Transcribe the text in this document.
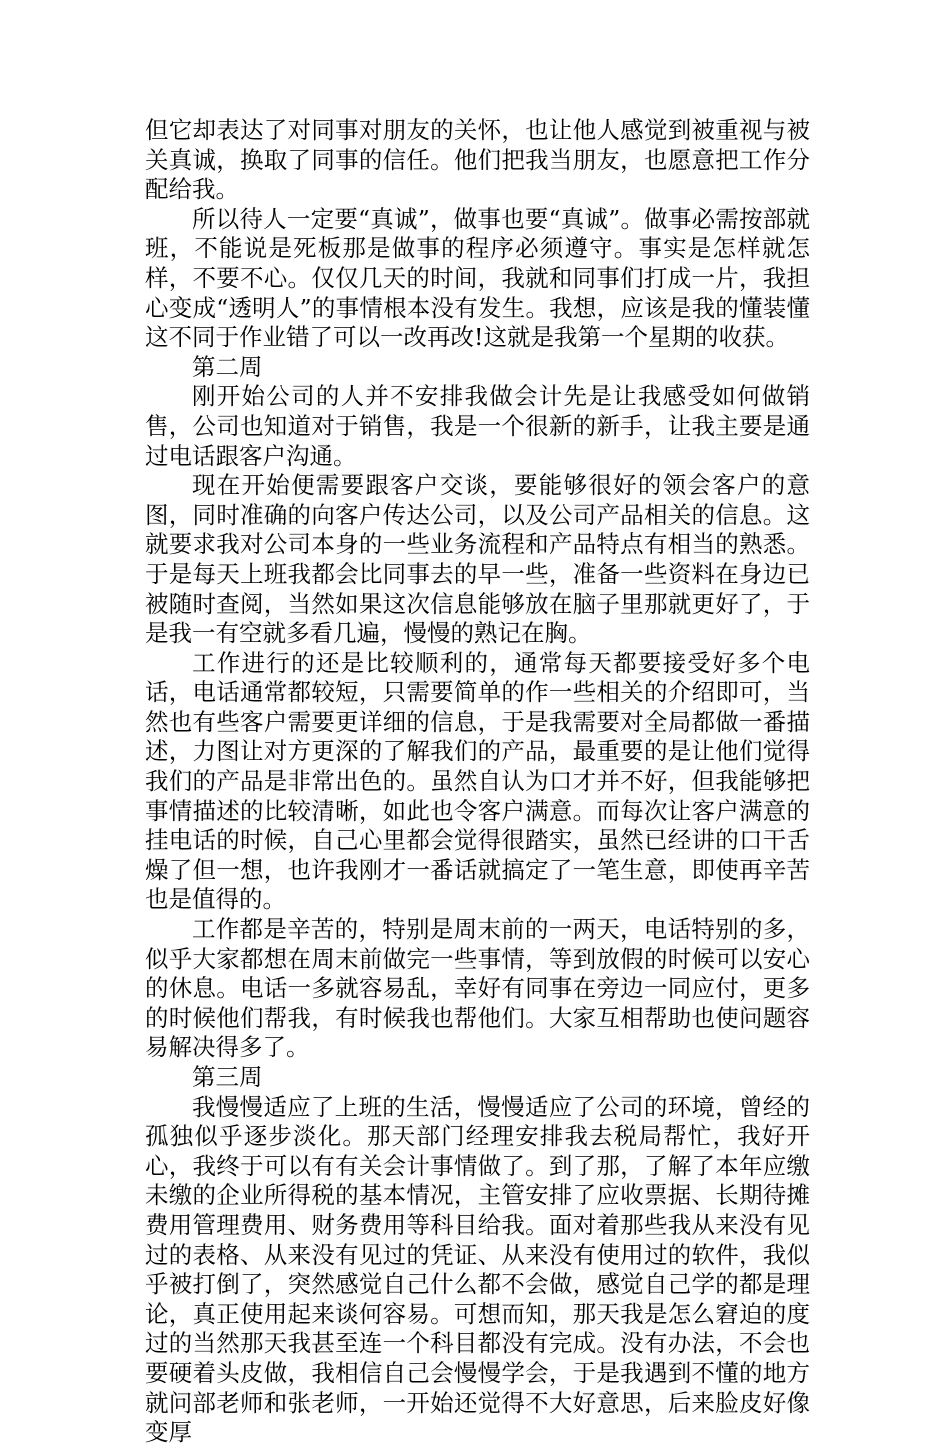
但它却表达了对同事对朋友的关怀，也让他人感觉到被重视与被关真诚，换取了同事的信任。他们把我当朋友，也愿意把工作分配给我。

所以待人一定要“真诚”，做事也要“真诚”。做事必需按部就班，不能说是死板那是做事的程序必须遵守。事实是怎样就怎样，不要不心。仅仅几天的时间，我就和同事们打成一片，我担心变成“透明人”的事情根本没有发生。我想，应该是我的懂装懂这不同于作业错了可以一改再改!这就是我第一个星期的收获。

第二周

刚开始公司的人并不安排我做会计先是让我感受如何做销售，公司也知道对于销售，我是一个很新的新手，让我主要是通过电话跟客户沟通。

现在开始便需要跟客户交谈，要能够很好的领会客户的意图，同时准确的向客户传达公司，以及公司产品相关的信息。这就要求我对公司本身的一些业务流程和产品特点有相当的熟悉。于是每天上班我都会比同事去的早一些，准备一些资料在身边已被随时查阅，当然如果这次信息能够放在脑子里那就更好了，于是我一有空就多看几遍，慢慢的熟记在胸。

工作进行的还是比较顺利的，通常每天都要接受好多个电话，电话通常都较短，只需要简单的作一些相关的介绍即可，当然也有些客户需要更详细的信息，于是我需要对全局都做一番描述，力图让对方更深的了解我们的产品，最重要的是让他们觉得我们的产品是非常出色的。虽然自认为口才并不好，但我能够把事情描述的比较清晰，如此也令客户满意。而每次让客户满意的挂电话的时候，自己心里都会觉得很踏实，虽然已经讲的口干舌燥了但一想，也许我刚才一番话就搞定了一笔生意，即使再辛苦也是值得的。

工作都是辛苦的，特别是周末前的一两天，电话特别的多，似乎大家都想在周末前做完一些事情，等到放假的时候可以安心的休息。电话一多就容易乱，幸好有同事在旁边一同应付，更多的时候他们帮我，有时候我也帮他们。大家互相帮助也使问题容易解决得多了。

第三周

我慢慢适应了上班的生活，慢慢适应了公司的环境，曾经的孤独似乎逐步淡化。那天部门经理安排我去税局帮忙，我好开心，我终于可以有有关会计事情做了。到了那，了解了本年应缴未缴的企业所得税的基本情况，主管安排了应收票据、长期待摊费用管理费用、财务费用等科目给我。面对着那些我从来没有见过的表格、从来没有见过的凭证、从来没有使用过的软件，我似乎被打倒了，突然感觉自己什么都不会做，感觉自己学的都是理论，真正使用起来谈何容易。可想而知，那天我是怎么窘迫的度过的当然那天我甚至连一个科目都没有完成。没有办法，不会也要硬着头皮做，我相信自己会慢慢学会，于是我遇到不懂的地方就问部老师和张老师，一开始还觉得不大好意思，后来脸皮好像变厚
